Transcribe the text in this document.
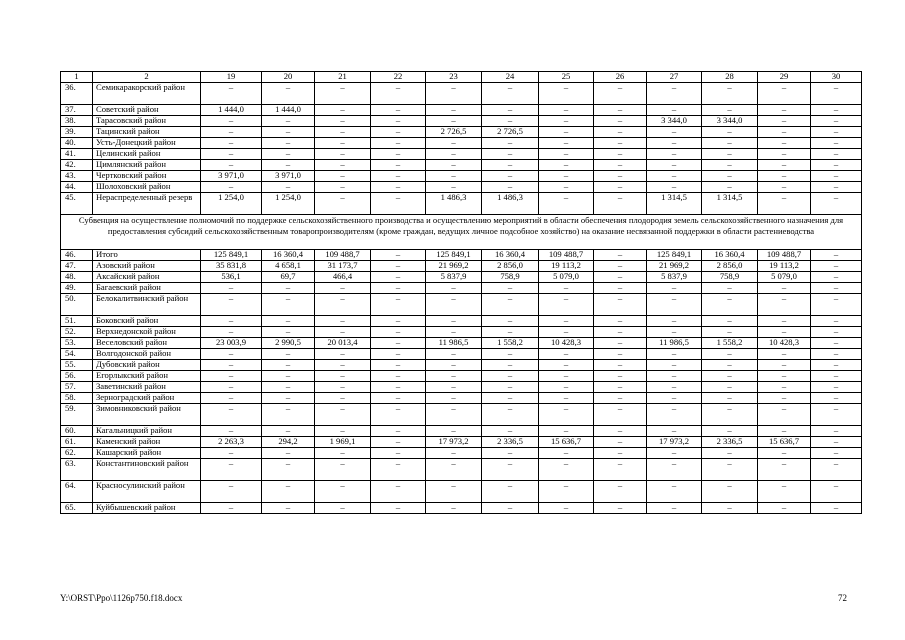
1	2	19	20	21	22	23	24	25	26	27	28	29	30
36.	Семикаракорский район	–	–	–	–	–	–	–	–	–	–	–	–
37.	Советский район	1 444,0	1 444,0	–	–	–	–	–	–	–	–	–	–
38.	Тарасовский район	–	–	–	–	–	–	–	–	3 344,0	3 344,0	–	–
39.	Тацинский район	–	–	–	–	2 726,5	2 726,5	–	–	–	–	–	–
40.	Усть-Донецкий район	–	–	–	–	–	–	–	–	–	–	–	–
41.	Целинский район	–	–	–	–	–	–	–	–	–	–	–	–
42.	Цимлянский район	–	–	–	–	–	–	–	–	–	–	–	–
43.	Чертковский район	3 971,0	3 971,0	–	–	–	–	–	–	–	–	–	–
44.	Шолоховский район	–	–	–	–	–	–	–	–	–	–	–	–
45.	Нераспределенный резерв	1 254,0	1 254,0	–	–	1 486,3	1 486,3	–	–	1 314,5	1 314,5	–	–
Субвенция на осуществление полномочий по поддержке сельскохозяйственного производства и осуществлению мероприятий в области обеспечения плодородия земель сельскохозяйственного назначения для предоставления субсидий сельскохозяйственным товаропроизводителям (кроме граждан, ведущих личное подсобное хозяйство) на оказание несвязанной поддержки в области растениеводства													
46.	Итого	125 849,1	16 360,4	109 488,7	–	125 849,1	16 360,4	109 488,7	–	125 849,1	16 360,4	109 488,7	–
47.	Азовский район	35 831,8	4 658,1	31 173,7	–	21 969,2	2 856,0	19 113,2	–	21 969,2	2 856,0	19 113,2	–
48.	Аксайский район	536,1	69,7	466,4	–	5 837,9	758,9	5 079,0	–	5 837,9	758,9	5 079,0	–
49.	Багаевский район	–	–	–	–	–	–	–	–	–	–	–	–
50.	Белокалитвинский район	–	–	–	–	–	–	–	–	–	–	–	–
51.	Боковский район	–	–	–	–	–	–	–	–	–	–	–	–
52.	Верхнедонской район	–	–	–	–	–	–	–	–	–	–	–	–
53.	Веселовский район	23 003,9	2 990,5	20 013,4	–	11 986,5	1 558,2	10 428,3	–	11 986,5	1 558,2	10 428,3	–
54.	Волгодонской район	–	–	–	–	–	–	–	–	–	–	–	–
55.	Дубовский район	–	–	–	–	–	–	–	–	–	–	–	–
56.	Егорлыкский район	–	–	–	–	–	–	–	–	–	–	–	–
57.	Заветинский район	–	–	–	–	–	–	–	–	–	–	–	–
58.	Зерноградский район	–	–	–	–	–	–	–	–	–	–	–	–
59.	Зимовниковский район	–	–	–	–	–	–	–	–	–	–	–	–
60.	Кагальницкий район	–	–	–	–	–	–	–	–	–	–	–	–
61.	Каменский район	2 263,3	294,2	1 969,1	–	17 973,2	2 336,5	15 636,7	–	17 973,2	2 336,5	15 636,7	–
62.	Кашарский район	–	–	–	–	–	–	–	–	–	–	–	–
63.	Константиновский район	–	–	–	–	–	–	–	–	–	–	–	–
64.	Красносулинский район	–	–	–	–	–	–	–	–	–	–	–	–
65.	Куйбышевский район	–	–	–	–	–	–	–	–	–	–	–	–
Y:\ORST\Ppo\1126p750.f18.docx	72
